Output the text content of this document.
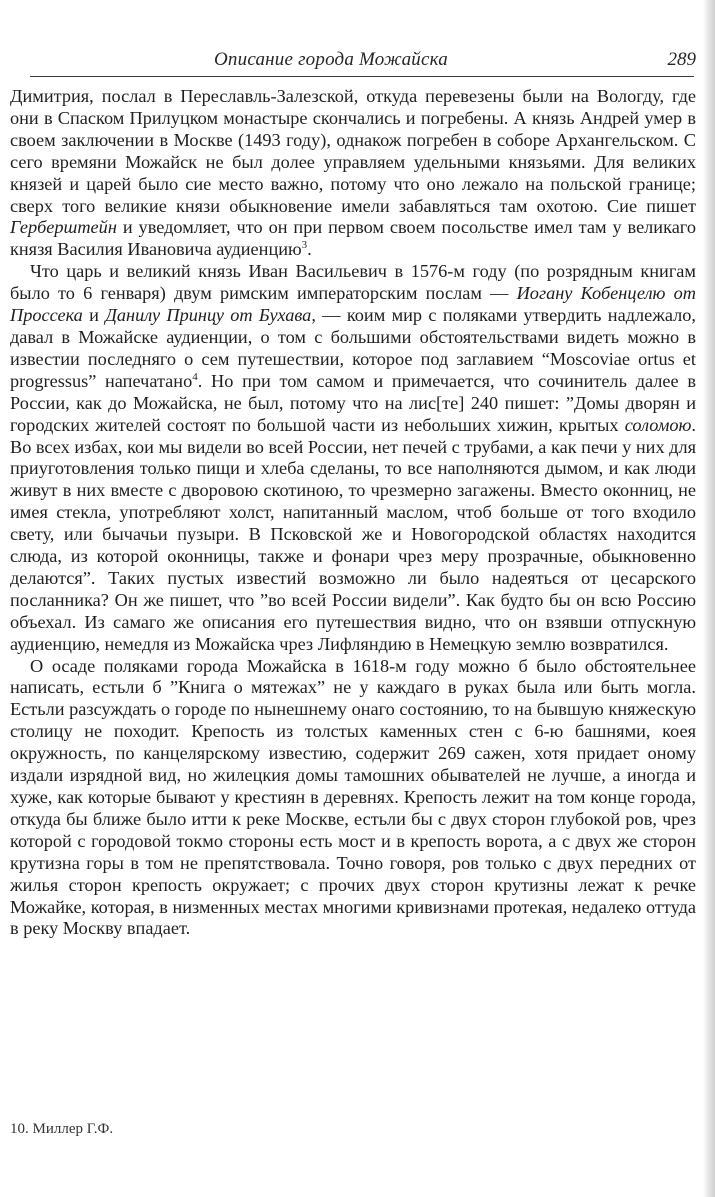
Описание города Можайска	289

Димитрия, послал в Переславль-Залезской, откуда перевезены были на Вологду, где они в Спаском Прилуцком монастыре скончались и погребены. А князь Андрей умер в своем заключении в Москве (1493 году), однакож погребен в соборе Архангельском. С сего времяни Можайск не был долее управляем удельными князьями. Для великих князей и царей было сие место важно, потому что оно лежало на польской границе; сверх того великие князи обыкновение имели забавляться там охотою. Сие пишет Герберштейн и уведомляет, что он при первом своем посольстве имел там у великаго князя Василия Ивановича аудиенцию$^3$.

Что царь и великий князь Иван Васильевич в 1576-м году (по розрядным книгам было то 6 генваря) двум римским императорским послам — Иогану Кобенцелю от Проссека и Данилу Принцу от Бухава, — коим мир с поляками утвердить надлежало, давал в Можайске аудиенции, о том с большими обстоятельствами видеть можно в известии последняго о сем путешествии, которое под заглавием “Moscoviae ortus et progressus” напечатано$^4$. Но при том самом и примечается, что сочинитель далее в России, как до Можайска, не был, потому что на лис[те] 240 пишет: ”Домы дворян и городских жителей состоят по большой части из небольших хижин, крытых соломою. Во всех избах, кои мы видели во всей России, нет печей с трубами, а как печи у них для приуготовления только пищи и хлеба сделаны, то все наполняются дымом, и как люди живут в них вместе с дворовою скотиною, то чрезмерно загажены. Вместо оконниц, не имея стекла, употребляют холст, напитанный маслом, чтоб больше от того входило свету, или бычачьи пузыри. В Псковской же и Новогородской областях находится слюда, из которой оконницы, также и фонари чрез меру прозрачные, обыкновенно делаются”. Таких пустых известий возможно ли было надеяться от цесарского посланника? Он же пишет, что ”во всей России видели”. Как будто бы он всю Россию объехал. Из самаго же описания его путешествия видно, что он взявши отпускную аудиенцию, немедля из Можайска чрез Лифляндию в Немецкую землю возвратился.

О осаде поляками города Можайска в 1618-м году можно б было обстоятельнее написать, естьли б ”Книга о мятежах” не у каждаго в руках была или быть могла. Естьли разсуждать о городе по нынешнему онаго состоянию, то на бывшую княжескую столицу не походит. Крепость из толстых каменных стен с 6-ю башнями, коея окружность, по канцелярскому известию, содержит 269 сажен, хотя придает оному издали изрядной вид, но жилецкия домы тамошних обывателей не лучше, а иногда и хуже, как которые бывают у крестиян в деревнях. Крепость лежит на том конце города, откуда бы ближе было итти к реке Москве, естьли бы с двух сторон глубокой ров, чрез которой с городовой токмо стороны есть мост и в крепость ворота, а с двух же сторон крутизна горы в том не препятствовала. Точно говоря, ров только с двух передних от жилья сторон крепость окружает; с прочих двух сторон крутизны лежат к речке Можайке, которая, в низменных местах многими кривизнами протекая, недалеко оттуда в реку Москву впадает.

10. Миллер Г.Ф.
